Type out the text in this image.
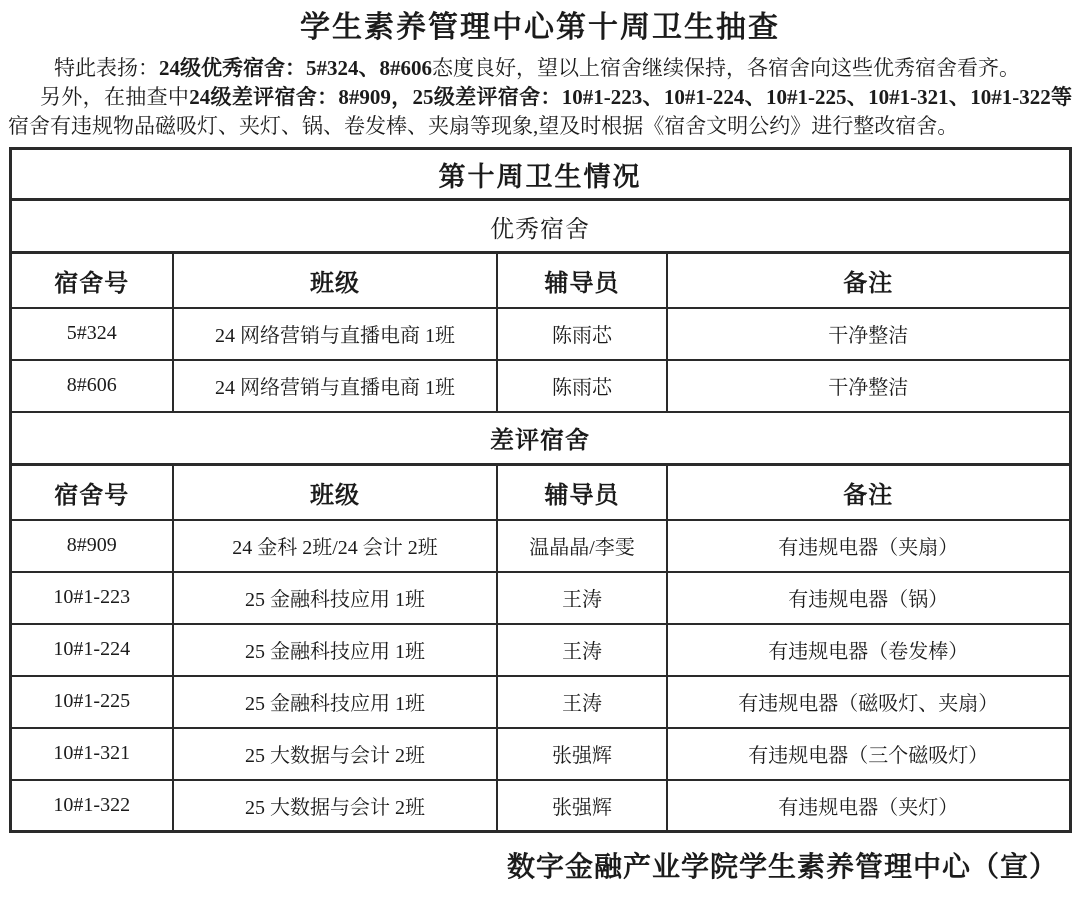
学生素养管理中心第十周卫生抽查

特此表扬：24级优秀宿舍：5#324、8#606态度良好，望以上宿舍继续保持，各宿舍向这些优秀宿舍看齐。

另外，在抽查中24级差评宿舍：8#909，25级差评宿舍：10#1-223、10#1-224、10#1-225、10#1-321、10#1-322等宿舍有违规物品磁吸灯、夹灯、锅、卷发棒、夹扇等现象,望及时根据《宿舍文明公约》进行整改宿舍。

第十周卫生情况			
优秀宿舍			
宿舍号	班级	辅导员	备注
5#324	24 网络营销与直播电商 1班	陈雨芯	干净整洁
8#606	24 网络营销与直播电商 1班	陈雨芯	干净整洁
差评宿舍			
宿舍号	班级	辅导员	备注
8#909	24 金科 2班/24 会计 2班	温晶晶/李雯	有违规电器（夹扇）
10#1-223	25 金融科技应用 1班	王涛	有违规电器（锅）
10#1-224	25 金融科技应用 1班	王涛	有违规电器（卷发棒）
10#1-225	25 金融科技应用 1班	王涛	有违规电器（磁吸灯、夹扇）
10#1-321	25 大数据与会计 2班	张强辉	有违规电器（三个磁吸灯）
10#1-322	25 大数据与会计 2班	张强辉	有违规电器（夹灯）
数字金融产业学院学生素养管理中心（宣）
